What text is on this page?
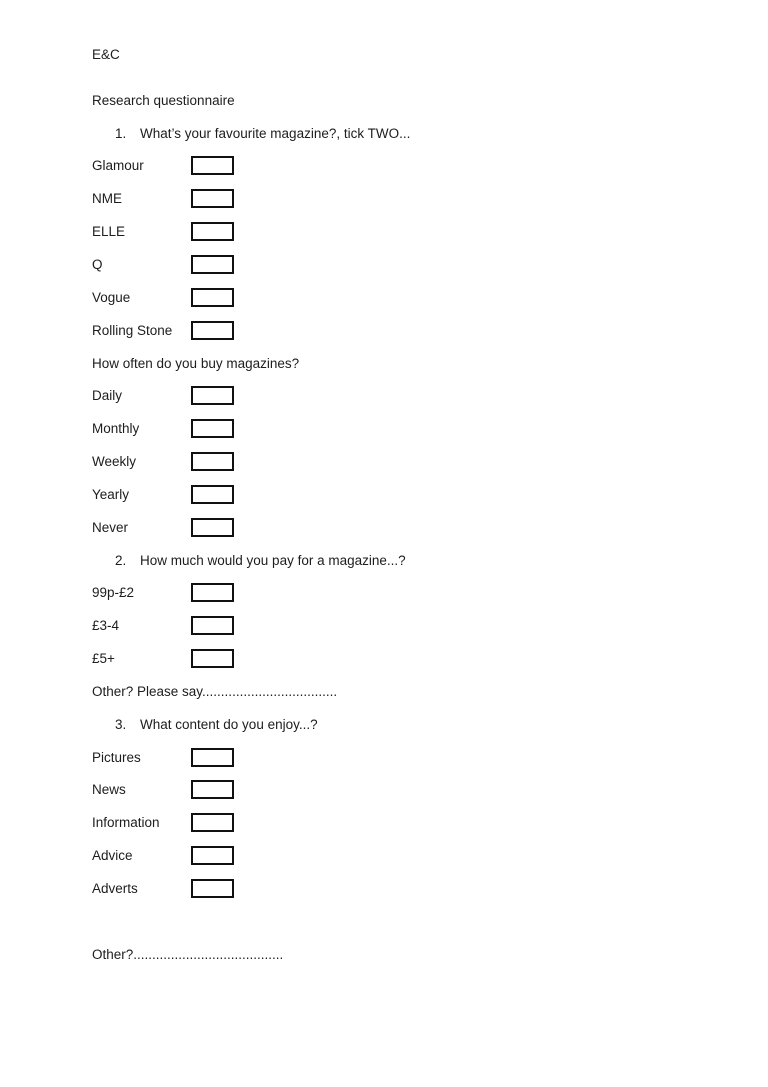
E&C
Research questionnaire
1.	What’s your favourite magazine?, tick TWO...
Glamour
NME
ELLE
Q
Vogue
Rolling Stone
How often do you buy magazines?
Daily
Monthly
Weekly
Yearly
Never
2.	How much would you pay for a magazine...?
99p-£2
£3-4
£5+
Other? Please say....................................
3.	What content do you enjoy...?
Pictures
News
Information
Advice
Adverts
Other?........................................
